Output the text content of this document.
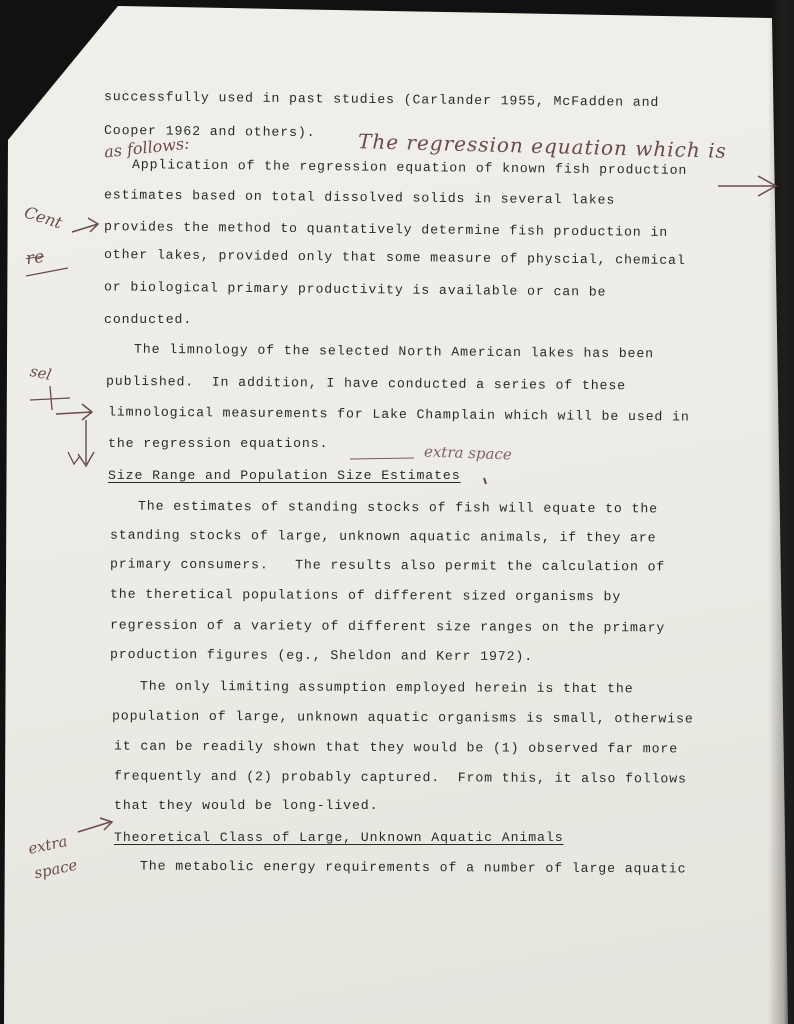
successfully used in past studies (Carlander 1955, McFadden and
Cooper 1962 and others).
Application of the regression equation of known fish production
estimates based on total dissolved solids in several lakes
provides the method to quantatively determine fish production in
other lakes, provided only that some measure of physcial, chemical
or biological primary productivity is available or can be
conducted.
The limnology of the selected North American lakes has been
published.  In addition, I have conducted a series of these
limnological measurements for Lake Champlain which will be used in
the regression equations.
Size Range and Population Size Estimates
The estimates of standing stocks of fish will equate to the
standing stocks of large, unknown aquatic animals, if they are
primary consumers.   The results also permit the calculation of
the theretical populations of different sized organisms by
regression of a variety of different size ranges on the primary
production figures (eg., Sheldon and Kerr 1972).
The only limiting assumption employed herein is that the
population of large, unknown aquatic organisms is small, otherwise
it can be readily shown that they would be (1) observed far more
frequently and (2) probably captured.  From this, it also follows
that they would be long-lived.
Theoretical Class of Large, Unknown Aquatic Animals
The metabolic energy requirements of a number of large aquatic
as follows:	The regression equation which is
Cent
re
sel
extra space
extra
space
